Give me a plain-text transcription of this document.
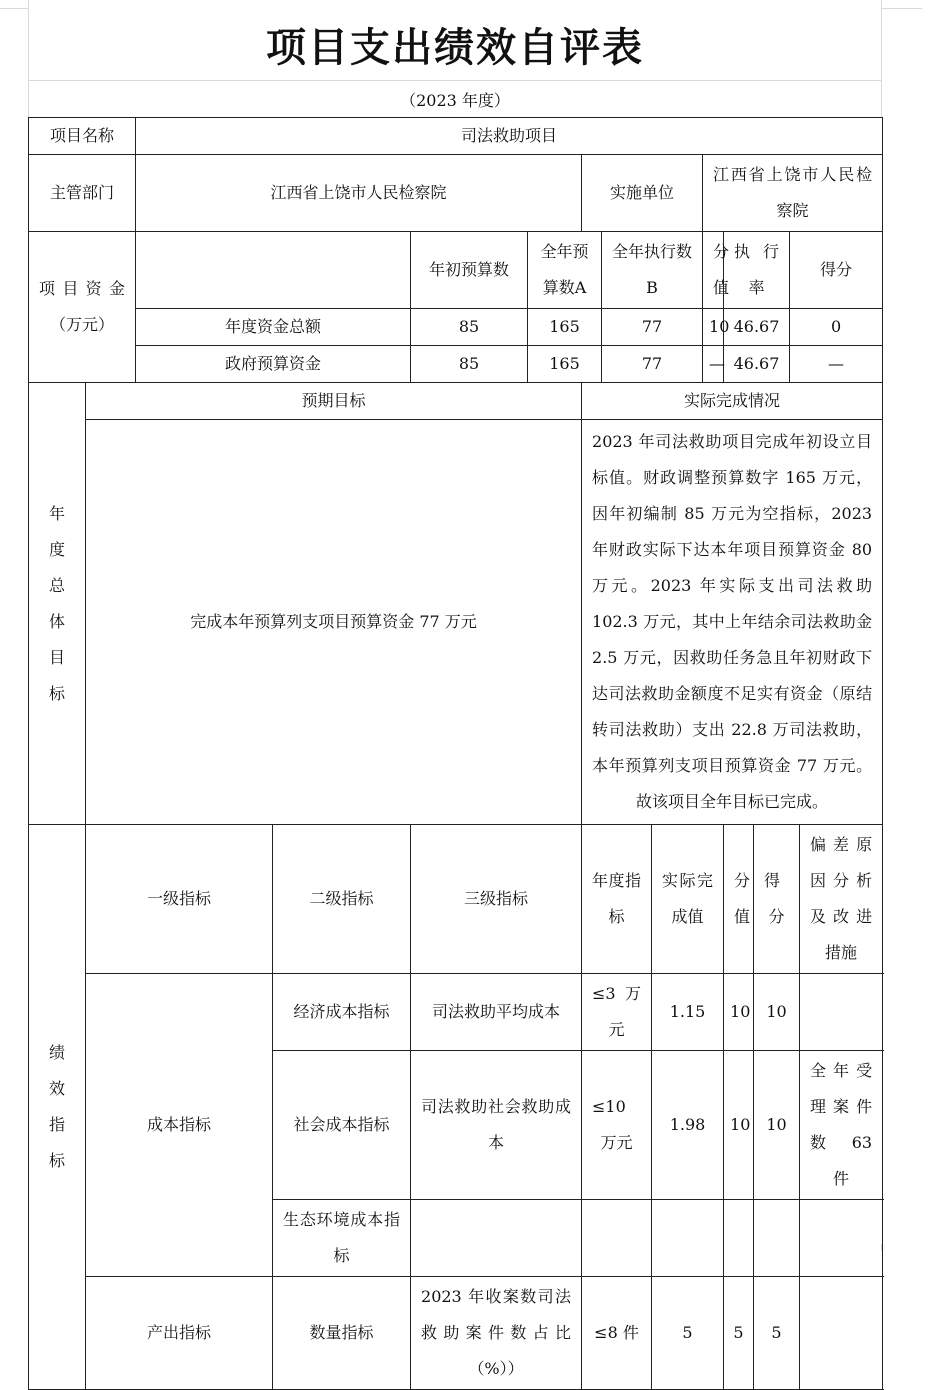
项目支出绩效自评表
（2023 年度）
项目名称		司法救助项目											
主管部门		江西省上饶市人民检察院				实施单位			江西省上饶市人民检察院				
项目资金（万元）				年初预算数	全年预算数A		全年执行数B		分值	执行率		得分	
		年度资金总额		85	165		77		10	46.67		0	
		政府预算资金		85	165		77		—	46.67		—	
年度总体目标	预期目标					实际完成情况							
	完成本年预算列支项目预算资金 77 万元					2023 年司法救助项目完成年初设立目标值。财政调整预算数字 165 万元，因年初编制 85 万元为空指标，2023 年财政实际下达本年项目预算资金 80 万元。2023 年实际支出司法救助 102.3 万元，其中上年结余司法救助金 2.5 万元，因救助任务急且年初财政下达司法救助金额度不足实有资金（原结转司法救助）支出 22.8 万司法救助，本年预算列支项目预算资金 77 万元。故该项目全年目标已完成。							
绩效指标	一级指标		二级指标	三级指标		年度指标		实际完成值		分值	得分		偏差原因分析及改进措施
	成本指标		经济成本指标	司法救助平均成本		≤3 万元		1.15		10	10		
			社会成本指标	司法救助社会救助成本		≤10 万元		1.98		10	10		全年受理案件数 63 件
			生态环境成本指标										
	产出指标		数量指标	2023 年收案数司法救助案件数占比（%））		≤8 件		5		5	5		
